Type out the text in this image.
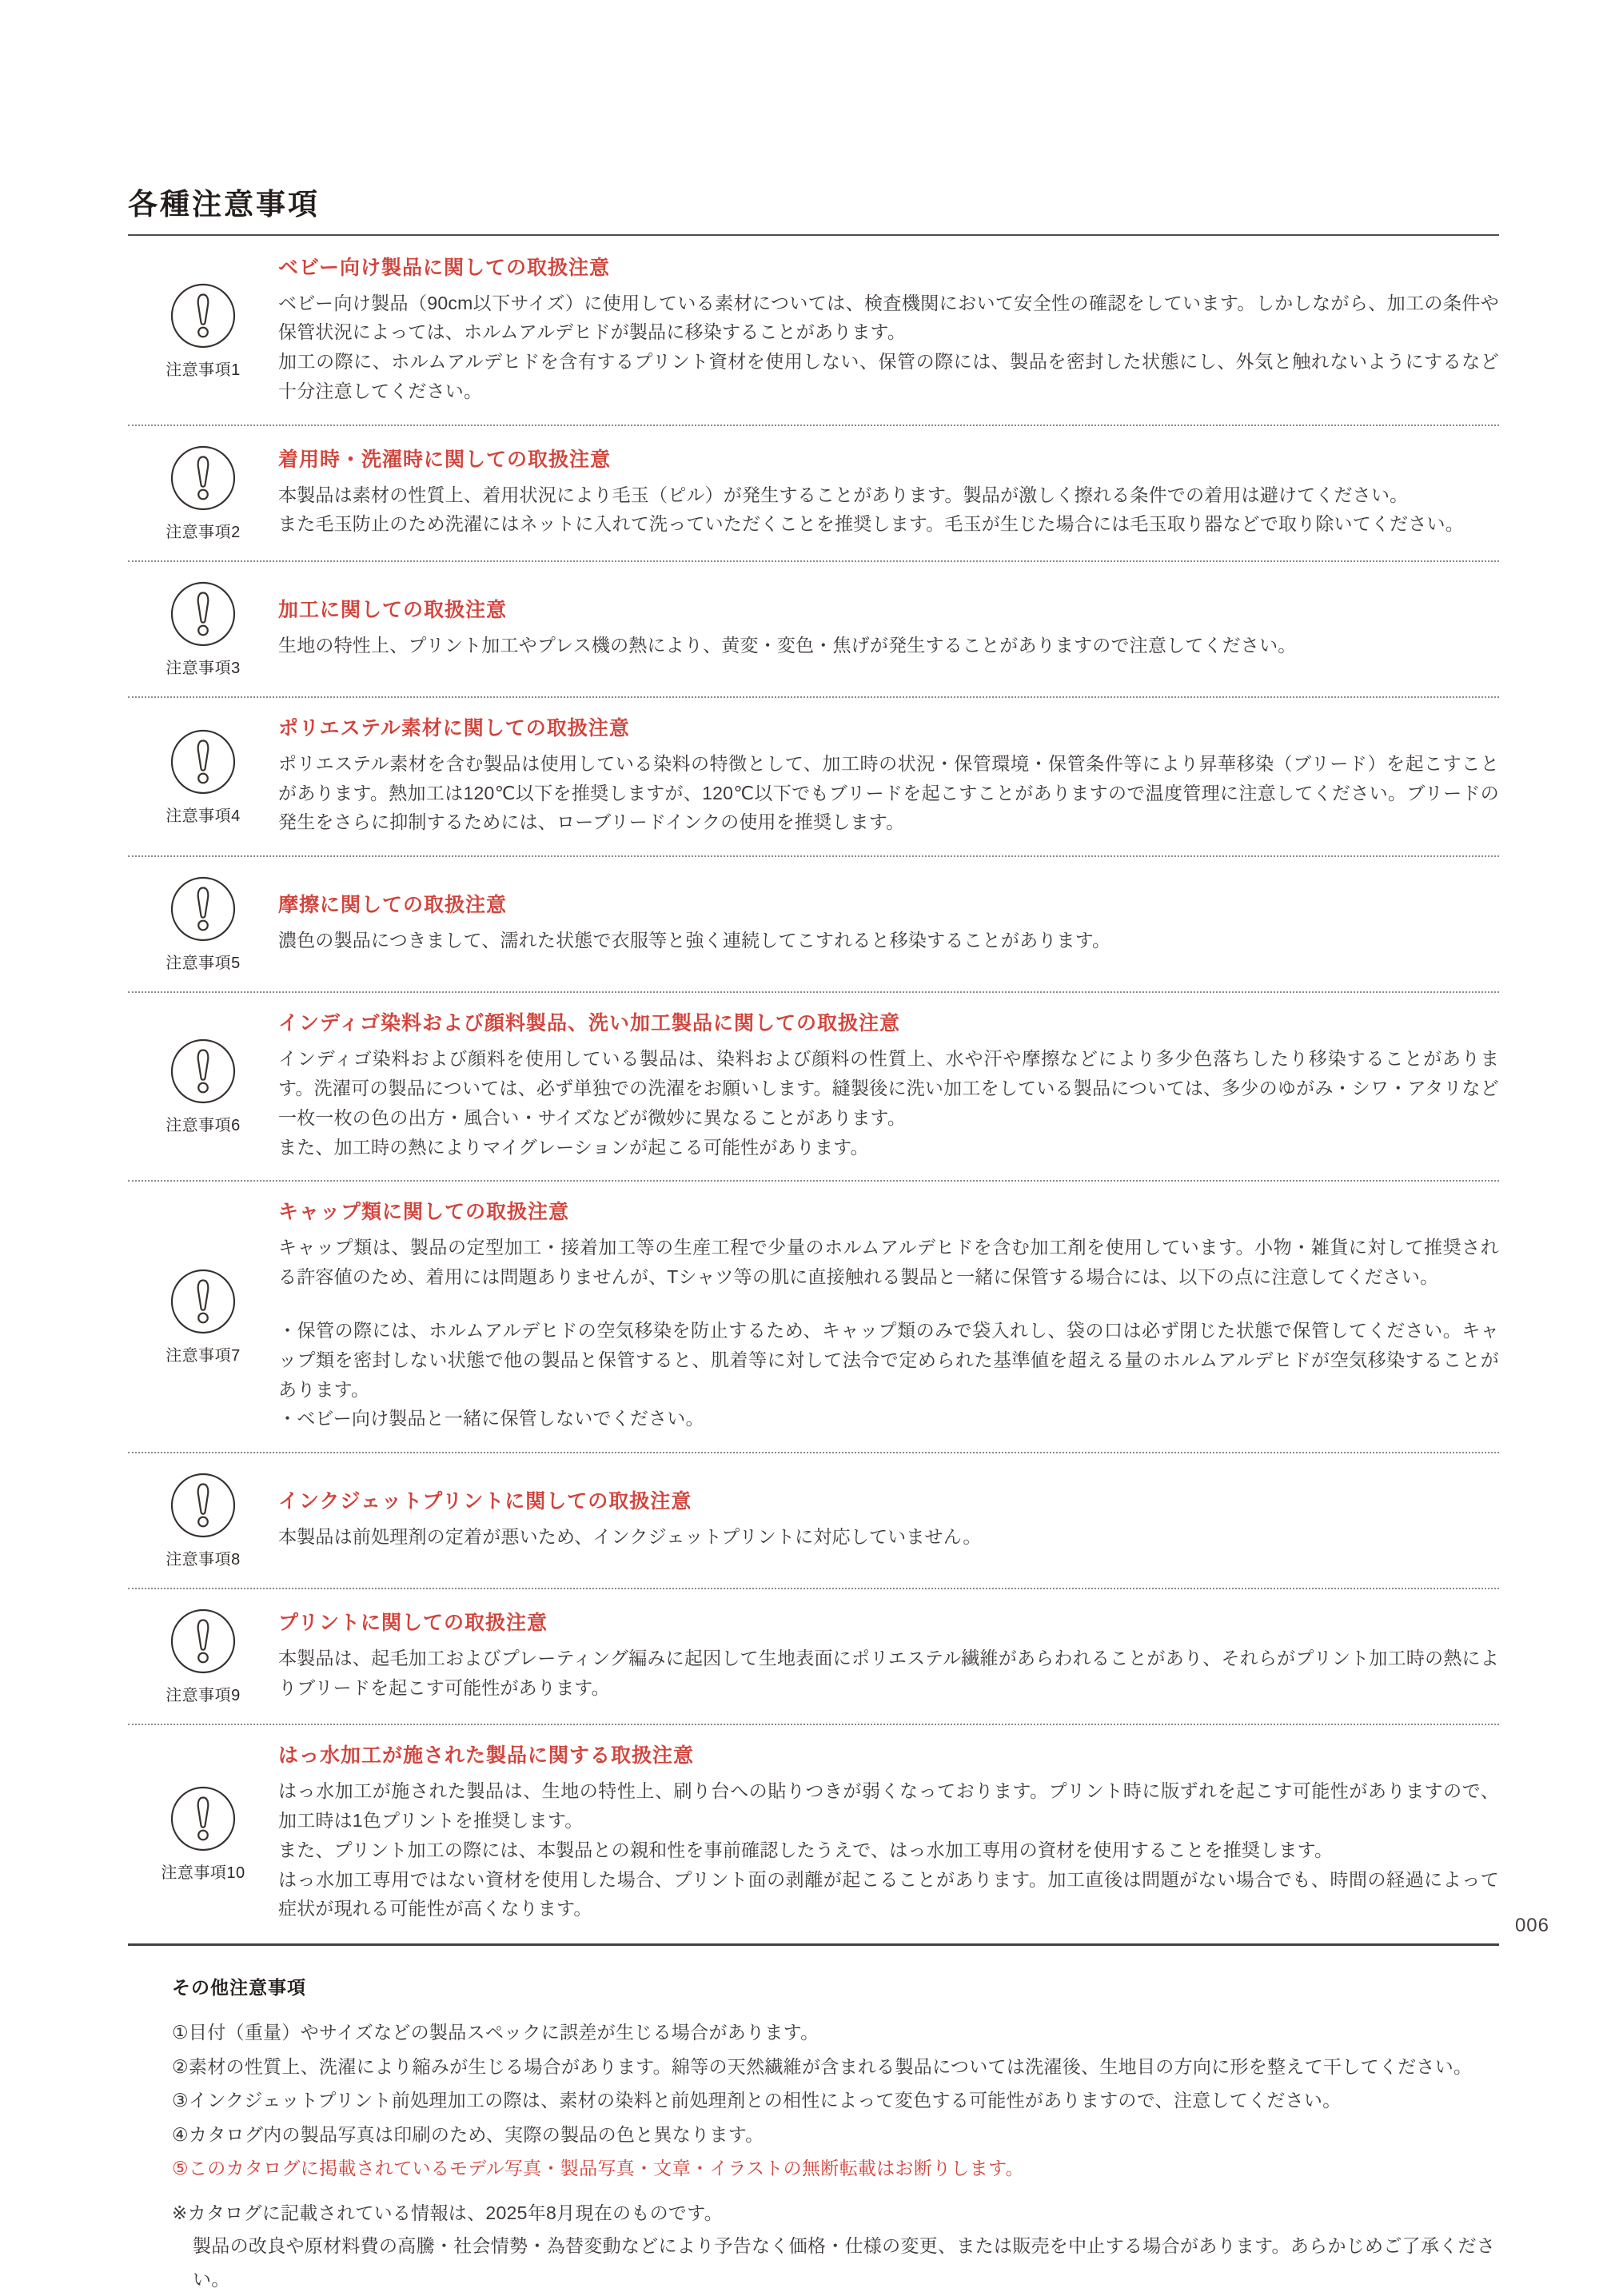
各種注意事項
注意事項1
ベビー向け製品に関しての取扱注意

ベビー向け製品（90cm以下サイズ）に使用している素材については、検査機関において安全性の確認をしています。しかしながら、加工の条件や保管状況によっては、ホルムアルデヒドが製品に移染することがあります。

加工の際に、ホルムアルデヒドを含有するプリント資材を使用しない、保管の際には、製品を密封した状態にし、外気と触れないようにするなど十分注意してください。

注意事項2
着用時・洗濯時に関しての取扱注意

本製品は素材の性質上、着用状況により毛玉（ピル）が発生することがあります。製品が激しく擦れる条件での着用は避けてください。

また毛玉防止のため洗濯にはネットに入れて洗っていただくことを推奨します。毛玉が生じた場合には毛玉取り器などで取り除いてください。

注意事項3
加工に関しての取扱注意

生地の特性上、プリント加工やプレス機の熱により、黄変・変色・焦げが発生することがありますので注意してください。

注意事項4
ポリエステル素材に関しての取扱注意

ポリエステル素材を含む製品は使用している染料の特徴として、加工時の状況・保管環境・保管条件等により昇華移染（ブリード）を起こすことがあります。熱加工は120℃以下を推奨しますが、120℃以下でもブリードを起こすことがありますので温度管理に注意してください。ブリードの発生をさらに抑制するためには、ローブリードインクの使用を推奨します。

注意事項5
摩擦に関しての取扱注意

濃色の製品につきまして、濡れた状態で衣服等と強く連続してこすれると移染することがあります。

注意事項6
インディゴ染料および顔料製品、洗い加工製品に関しての取扱注意

インディゴ染料および顔料を使用している製品は、染料および顔料の性質上、水や汗や摩擦などにより多少色落ちしたり移染することがあります。洗濯可の製品については、必ず単独での洗濯をお願いします。縫製後に洗い加工をしている製品については、多少のゆがみ・シワ・アタリなど一枚一枚の色の出方・風合い・サイズなどが微妙に異なることがあります。

また、加工時の熱によりマイグレーションが起こる可能性があります。

注意事項7
キャップ類に関しての取扱注意

キャップ類は、製品の定型加工・接着加工等の生産工程で少量のホルムアルデヒドを含む加工剤を使用しています。小物・雑貨に対して推奨される許容値のため、着用には問題ありませんが、Tシャツ等の肌に直接触れる製品と一緒に保管する場合には、以下の点に注意してください。

・保管の際には、ホルムアルデヒドの空気移染を防止するため、キャップ類のみで袋入れし、袋の口は必ず閉じた状態で保管してください。キャップ類を密封しない状態で他の製品と保管すると、肌着等に対して法令で定められた基準値を超える量のホルムアルデヒドが空気移染することがあります。

・ベビー向け製品と一緒に保管しないでください。

注意事項8
インクジェットプリントに関しての取扱注意

本製品は前処理剤の定着が悪いため、インクジェットプリントに対応していません。

注意事項9
プリントに関しての取扱注意

本製品は、起毛加工およびプレーティング編みに起因して生地表面にポリエステル繊維があらわれることがあり、それらがプリント加工時の熱によりブリードを起こす可能性があります。

注意事項10
はっ水加工が施された製品に関する取扱注意

はっ水加工が施された製品は、生地の特性上、刷り台への貼りつきが弱くなっております。プリント時に版ずれを起こす可能性がありますので、加工時は1色プリントを推奨します。

また、プリント加工の際には、本製品との親和性を事前確認したうえで、はっ水加工専用の資材を使用することを推奨します。

はっ水加工専用ではない資材を使用した場合、プリント面の剥離が起こることがあります。加工直後は問題がない場合でも、時間の経過によって症状が現れる可能性が高くなります。

その他注意事項

①目付（重量）やサイズなどの製品スペックに誤差が生じる場合があります。

②素材の性質上、洗濯により縮みが生じる場合があります。綿等の天然繊維が含まれる製品については洗濯後、生地目の方向に形を整えて干してください。

③インクジェットプリント前処理加工の際は、素材の染料と前処理剤との相性によって変色する可能性がありますので、注意してください。

④カタログ内の製品写真は印刷のため、実際の製品の色と異なります。

⑤このカタログに掲載されているモデル写真・製品写真・文章・イラストの無断転載はお断りします。

※カタログに記載されている情報は、2025年8月現在のものです。

製品の改良や原材料費の高騰・社会情勢・為替変動などにより予告なく価格・仕様の変更、または販売を中止する場合があります。あらかじめご了承ください。

006
